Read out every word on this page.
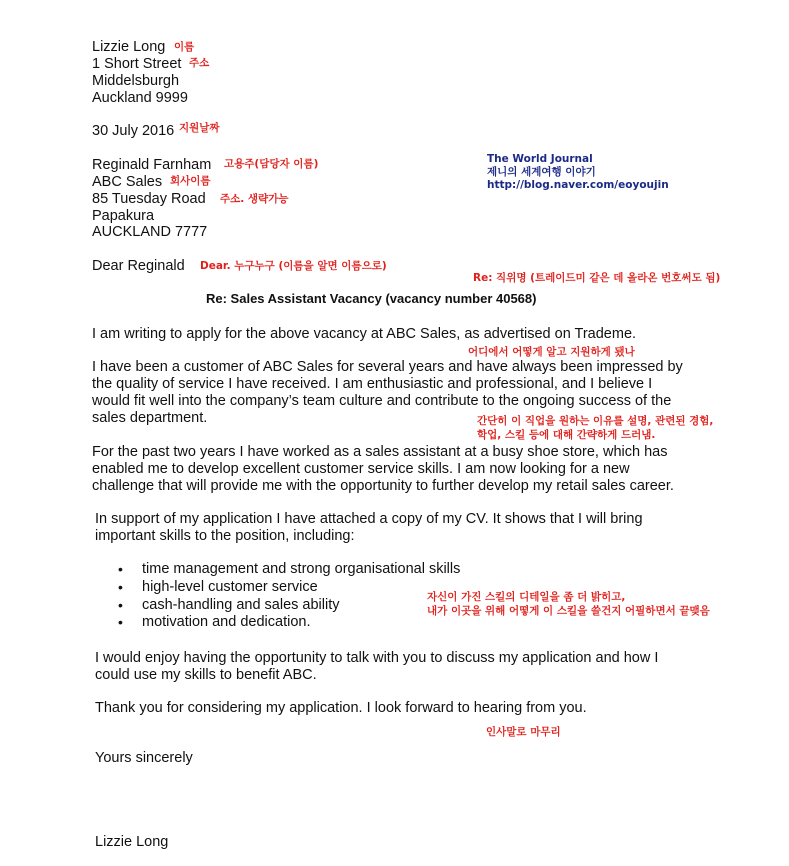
Lizzie Long
1 Short Street
Middelsburgh
Auckland 9999
이름
주소
30 July 2016 지원날짜
Reginald Farnham
ABC Sales
85 Tuesday Road
Papakura
AUCKLAND 7777
고용주(담당자 이름)
회사이름
주소. 생략가능
The World Journal
제니의 세계여행 이야기
http://blog.naver.com/eoyoujin
Dear Reginald Dear. 누구누구 (이름을 알면 이름으로)
Re: 직위명 (트레이드미 같은 데 올라온 번호써도 됨)
Re: Sales Assistant Vacancy (vacancy number 40568)
I am writing to apply for the above vacancy at ABC Sales, as advertised on Trademe.
어디에서 어떻게 알고 지원하게 됐나
I have been a customer of ABC Sales for several years and have always been impressed by
the quality of service I have received. I am enthusiastic and professional, and I believe I
would fit well into the company’s team culture and contribute to the ongoing success of the
sales department.	간단히 이 직업을 원하는 이유를 설명, 관련된 경험,
학업, 스킬 등에 대해 간략하게 드러냄.
For the past two years I have worked as a sales assistant at a busy shoe store, which has
enabled me to develop excellent customer service skills. I am now looking for a new
challenge that will provide me with the opportunity to further develop my retail sales career.
In support of my application I have attached a copy of my CV. It shows that I will bring
important skills to the position, including:
• time management and strong organisational skills
• high-level customer service
• cash-handling and sales ability
• motivation and dedication.
자신이 가진 스킬의 디테일을 좀 더 밝히고,
내가 이곳을 위해 어떻게 이 스킬을 쓸건지 어필하면서 끝맺음
I would enjoy having the opportunity to talk with you to discuss my application and how I
could use my skills to benefit ABC.
Thank you for considering my application. I look forward to hearing from you.
인사말로 마무리
Yours sincerely
Lizzie Long
